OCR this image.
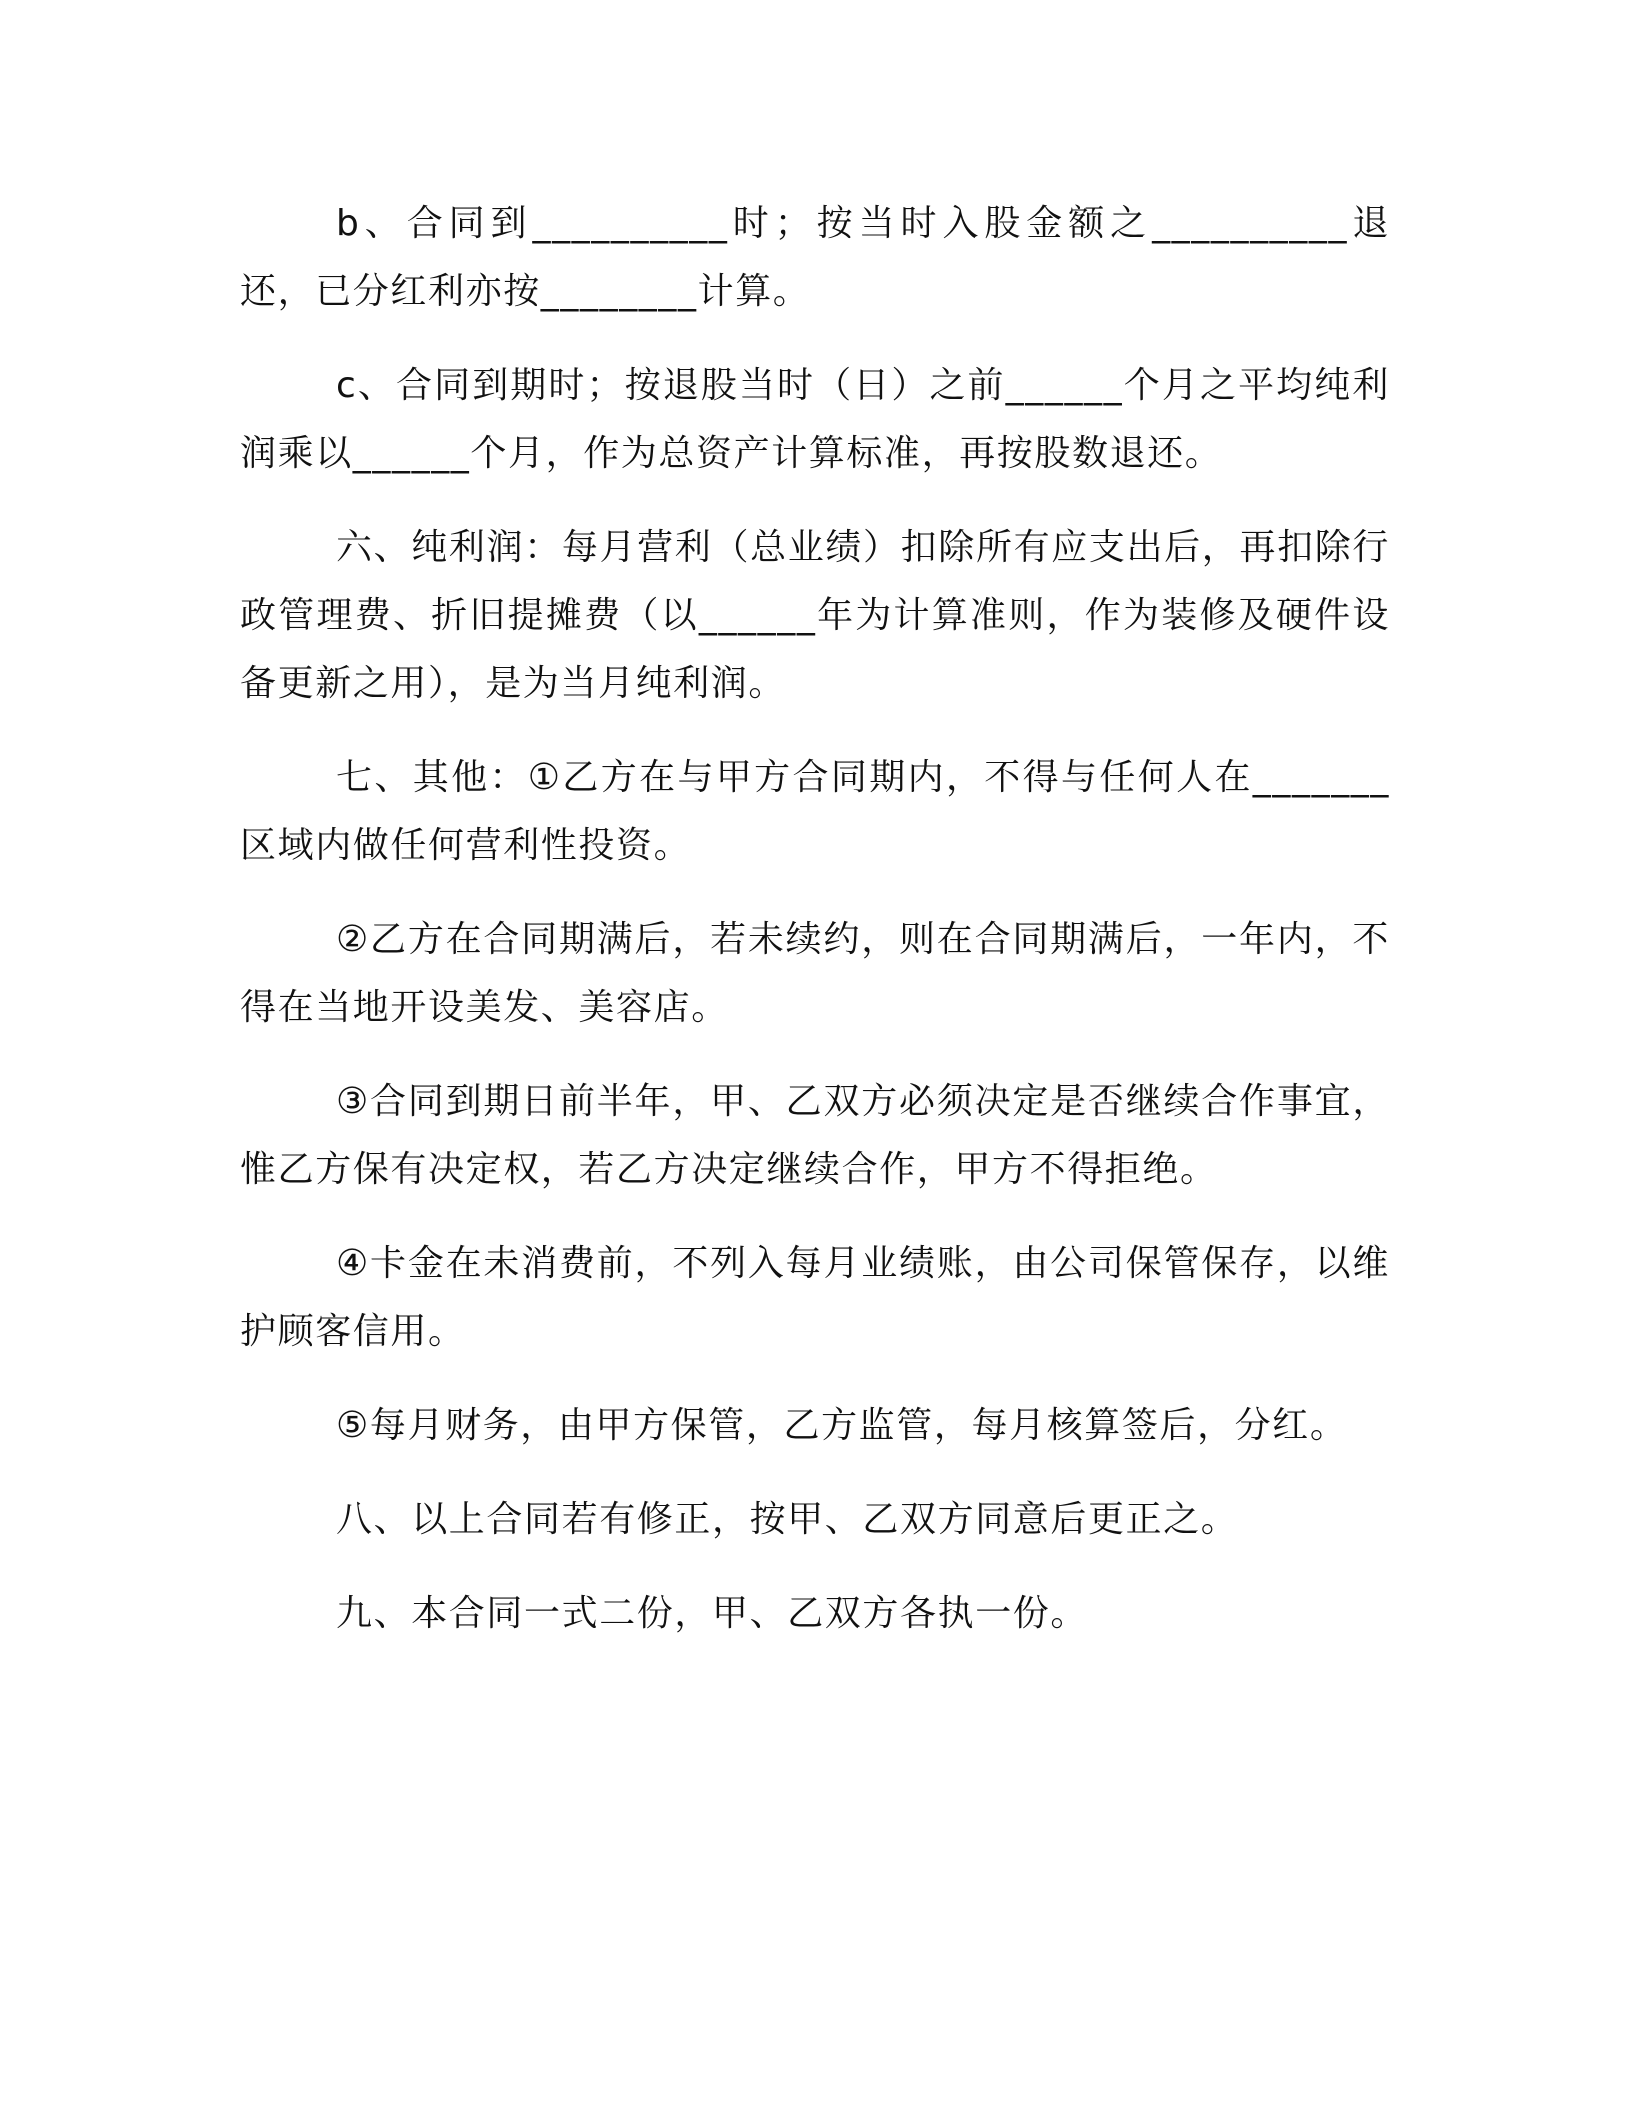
b、合同到__________时；按当时入股金额之__________退还，已分红利亦按________计算。

c、合同到期时；按退股当时（日）之前______个月之平均纯利润乘以______个月，作为总资产计算标准，再按股数退还。

六、纯利润：每月营利（总业绩）扣除所有应支出后，再扣除行政管理费、折旧提摊费（以______年为计算准则，作为装修及硬件设备更新之用），是为当月纯利润。

七、其他：①乙方在与甲方合同期内，不得与任何人在_______区域内做任何营利性投资。

②乙方在合同期满后，若未续约，则在合同期满后，一年内，不得在当地开设美发、美容店。

③合同到期日前半年，甲、乙双方必须决定是否继续合作事宜，惟乙方保有决定权，若乙方决定继续合作，甲方不得拒绝。

④卡金在未消费前，不列入每月业绩账，由公司保管保存，以维护顾客信用。

⑤每月财务，由甲方保管，乙方监管，每月核算签后，分红。

八、以上合同若有修正，按甲、乙双方同意后更正之。

九、本合同一式二份，甲、乙双方各执一份。
